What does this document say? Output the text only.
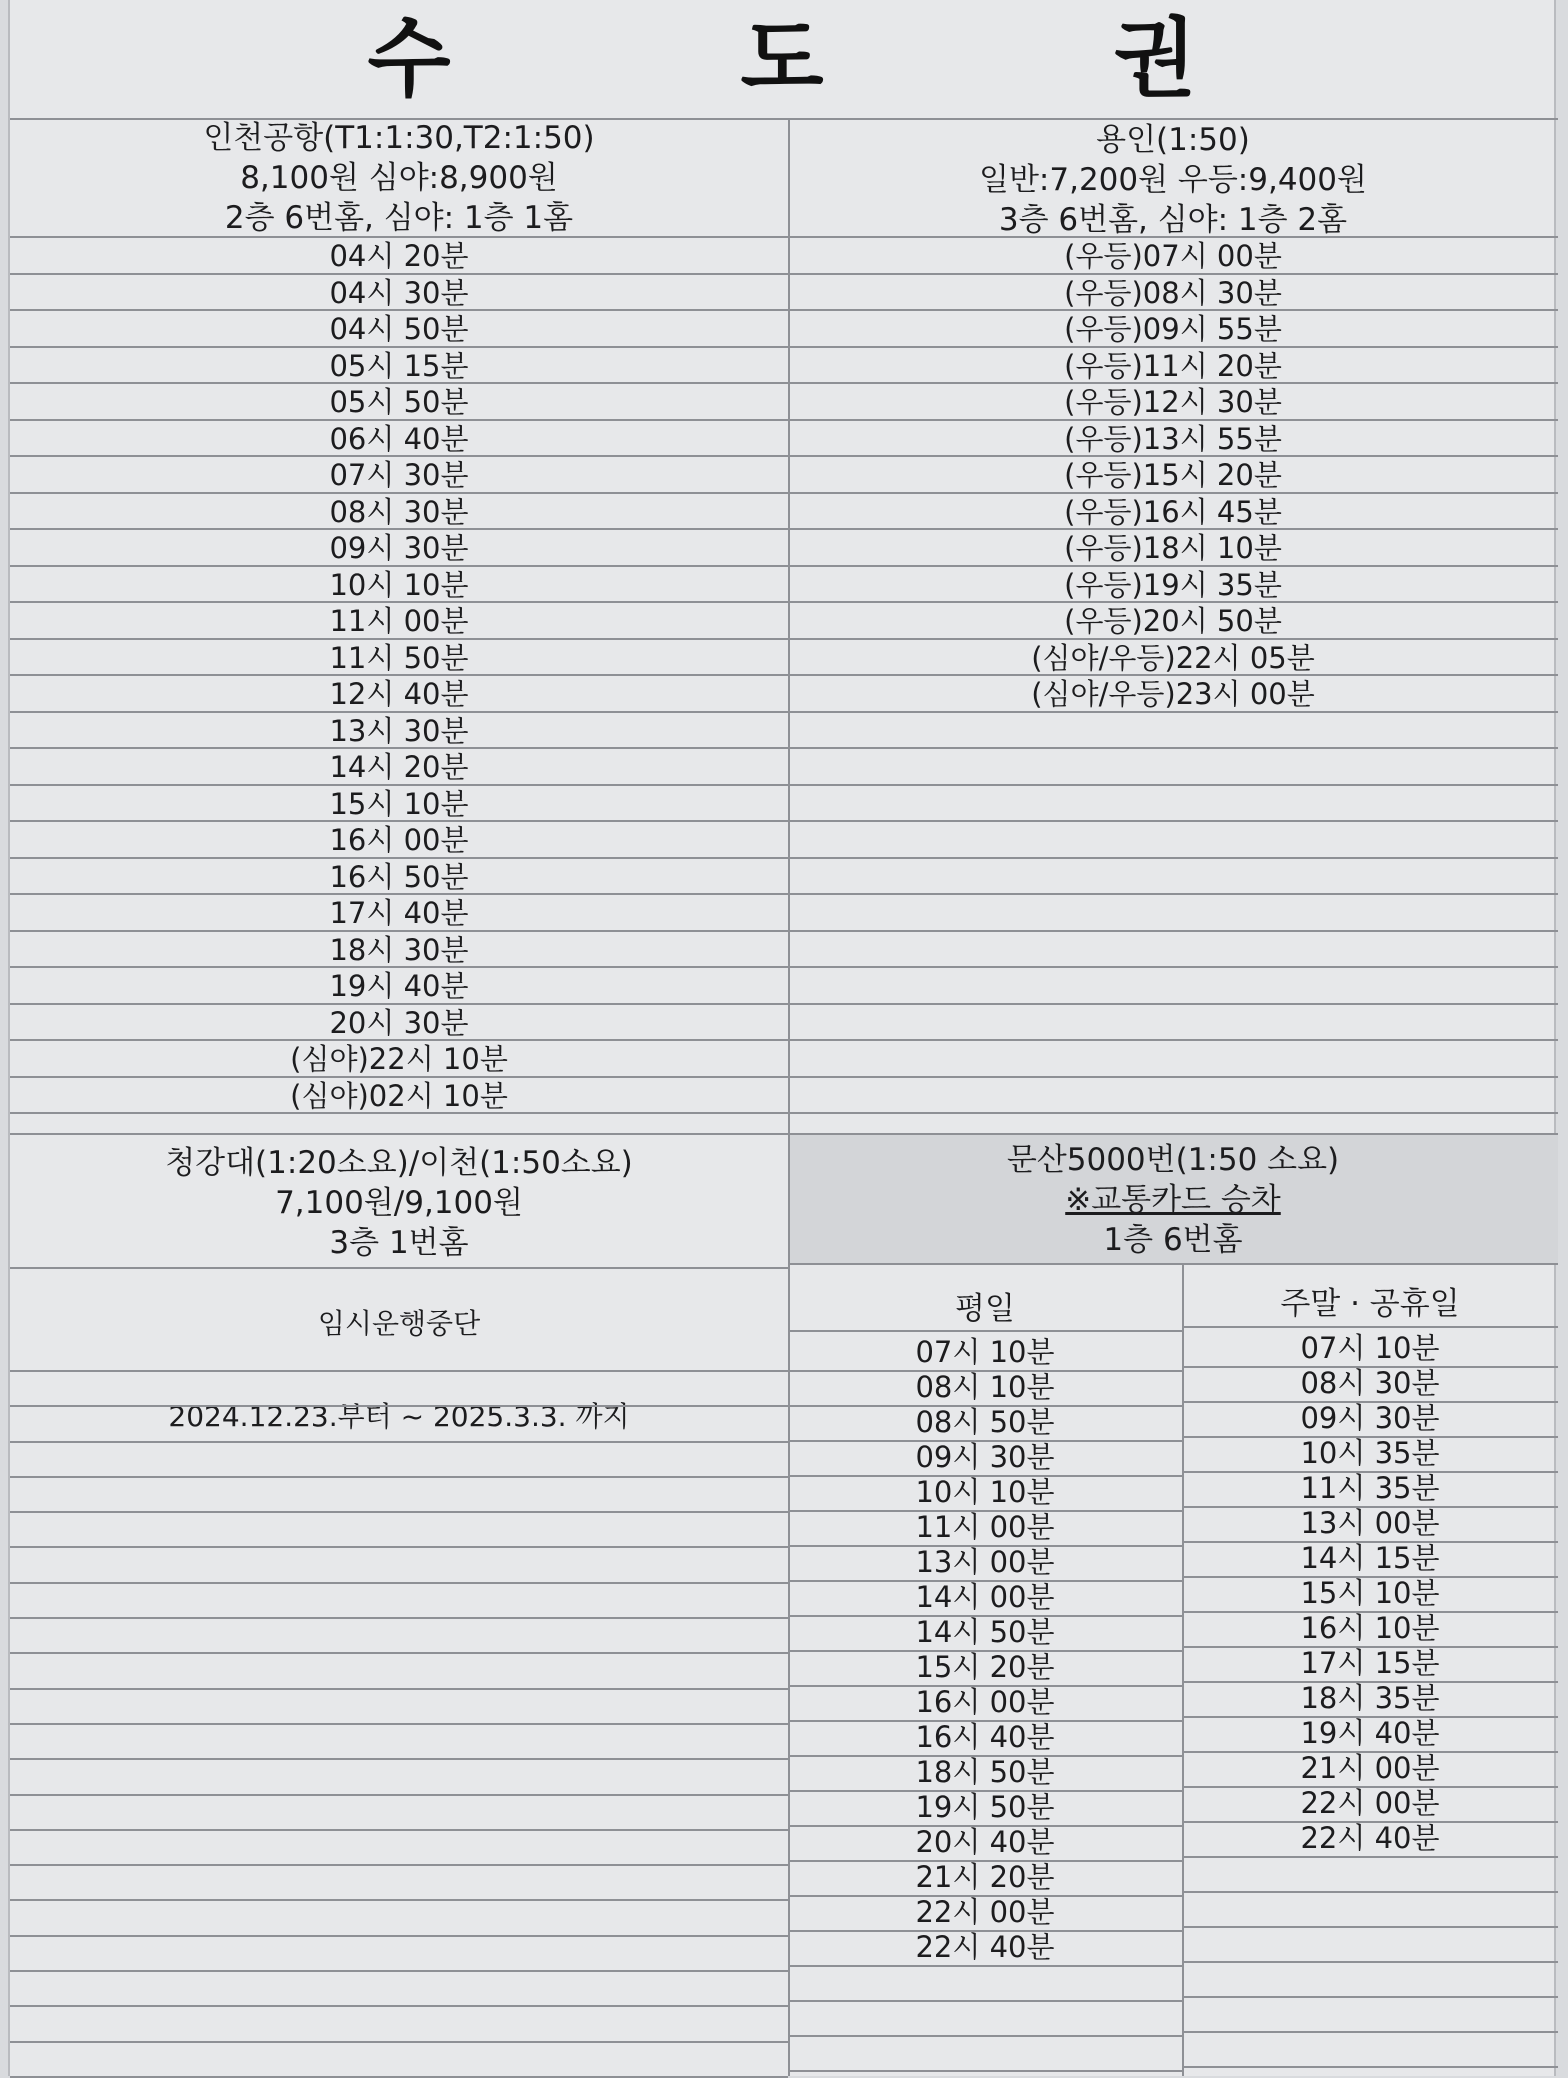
수 도 권
인천공항(T1:1:30,T2:1:50)
8,100원 심야:8,900원
2층 6번홈, 심야: 1층 1홈
용인(1:50)
일반:7,200원 우등:9,400원
3층 6번홈, 심야: 1층 2홈
04시 20분
04시 30분
04시 50분
05시 15분
05시 50분
06시 40분
07시 30분
08시 30분
09시 30분
10시 10분
11시 00분
11시 50분
12시 40분
13시 30분
14시 20분
15시 10분
16시 00분
16시 50분
17시 40분
18시 30분
19시 40분
20시 30분
(심야)22시 10분
(심야)02시 10분
(우등)07시 00분
(우등)08시 30분
(우등)09시 55분
(우등)11시 20분
(우등)12시 30분
(우등)13시 55분
(우등)15시 20분
(우등)16시 45분
(우등)18시 10분
(우등)19시 35분
(우등)20시 50분
(심야/우등)22시 05분
(심야/우등)23시 00분
청강대(1:20소요)/이천(1:50소요)
7,100원/9,100원
3층 1번홈
문산5000번(1:50 소요)
※교통카드 승차
1층 6번홈
임시운행중단
2024.12.23.부터 ~ 2025.3.3. 까지
평일	주말 · 공휴일
07시 10분
08시 10분
08시 50분
09시 30분
10시 10분
11시 00분
13시 00분
14시 00분
14시 50분
15시 20분
16시 00분
16시 40분
18시 50분
19시 50분
20시 40분
21시 20분
22시 00분
22시 40분
07시 10분
08시 30분
09시 30분
10시 35분
11시 35분
13시 00분
14시 15분
15시 10분
16시 10분
17시 15분
18시 35분
19시 40분
21시 00분
22시 00분
22시 40분
